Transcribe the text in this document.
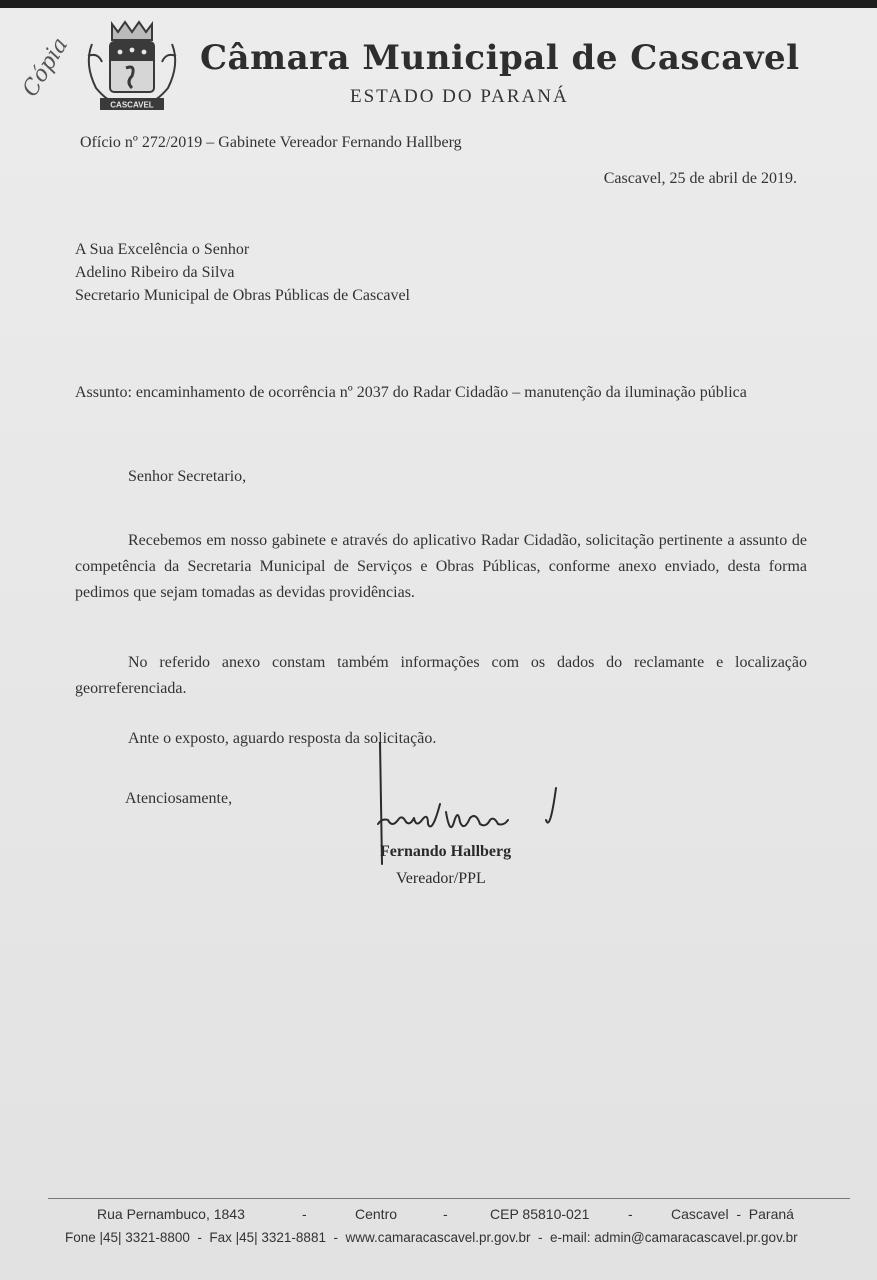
CASCAVEL
Cópia	Câmara Municipal de Cascavel
ESTADO DO PARANÁ
Ofício nº 272/2019 – Gabinete Vereador Fernando Hallberg
Cascavel, 25 de abril de 2019.
A Sua Excelência o Senhor
Adelino Ribeiro da Silva
Secretario Municipal de Obras Públicas de Cascavel
Assunto: encaminhamento de ocorrência nº 2037 do Radar Cidadão – manutenção da iluminação pública
Senhor Secretario,
Recebemos em nosso gabinete e através do aplicativo Radar Cidadão, solicitação pertinente a assunto de competência da Secretaria Municipal de Serviços e Obras Públicas, conforme anexo enviado, desta forma pedimos que sejam tomadas as devidas providências.
No referido anexo constam também informações com os dados do reclamante e localização georreferenciada.
Ante o exposto, aguardo resposta da solicitação.
Atenciosamente,
Fernando Hallberg
Vereador/PPL
Rua Pernambuco, 1843	-	Centro	-	CEP 85810-021	-	Cascavel  -  Paraná
Fone |45| 3321-8800  -  Fax |45| 3321-8881  -  www.camaracascavel.pr.gov.br  -  e-mail: admin@camaracascavel.pr.gov.br
